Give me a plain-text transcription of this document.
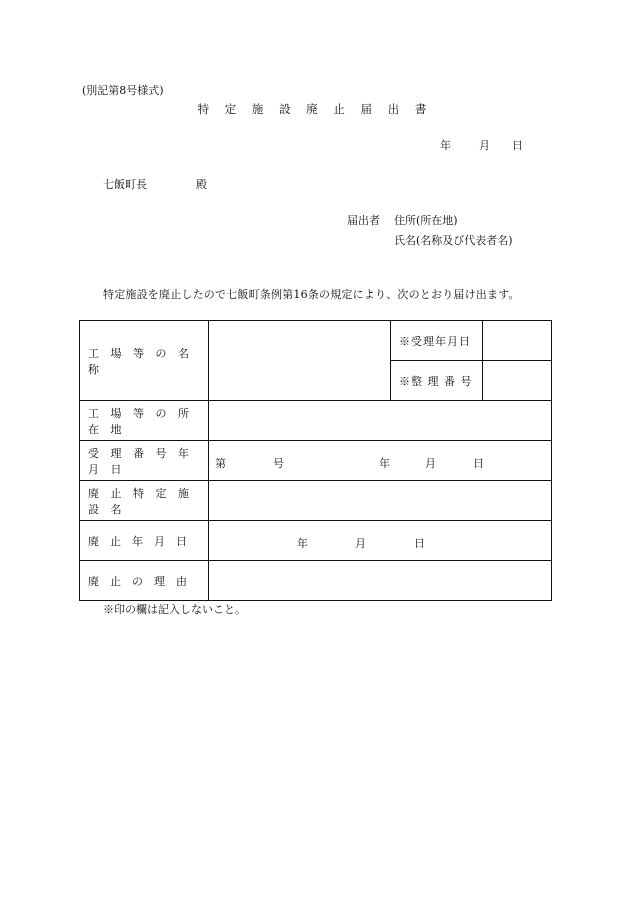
(別記第8号様式)
特 定 施 設 廃 止 届 出 書
年	月 日
七飯町長	殿
届出者 住所(所在地)
氏名(名称及び代表者名)
特定施設を廃止したので七飯町条例第16条の規定により、次のとおり届け出ます。
工 場 等 の 名 称		※受理年月日	
		※整 理 番 号	
工 場 等 の 所 在 地			
受 理 番 号 年 月 日	第 号 年 月 日		

廃 止 特 定 施 設 名			
廃　止　年　月　日	年 月 日		

廃　止　の　理　由			
※印の欄は記入しないこと。
